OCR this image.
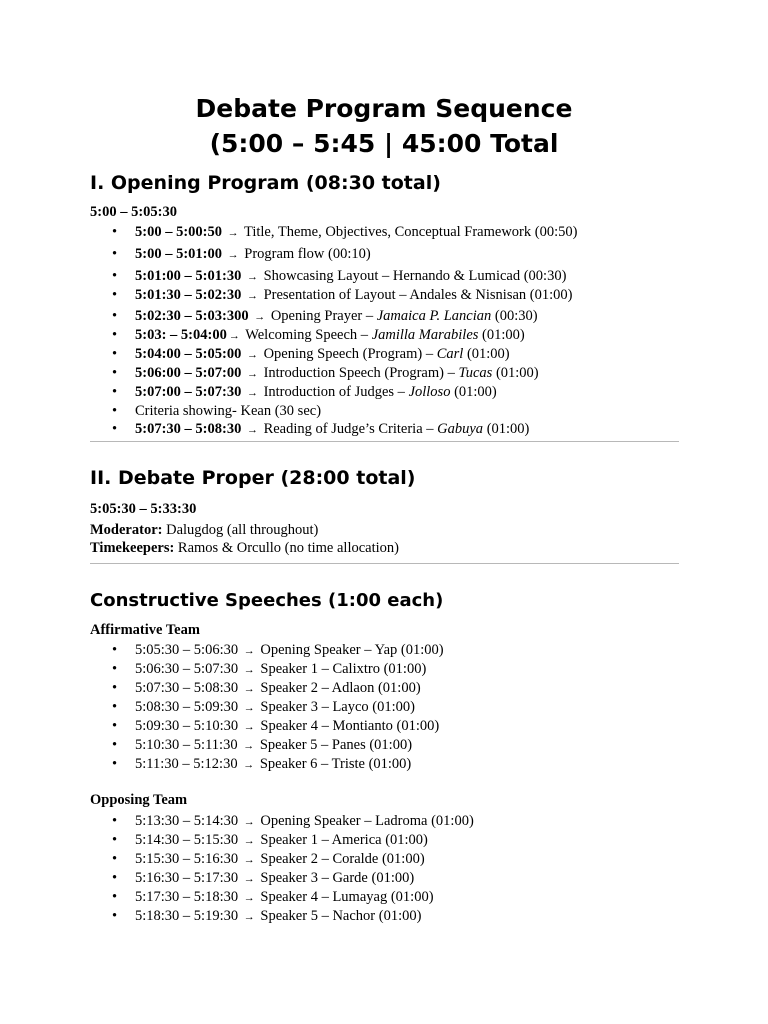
Debate Program Sequence
(5:00 – 5:45 | 45:00 Total
I. Opening Program (08:30 total)
5:00 – 5:05:30
• 5:00 – 5:00:50 → Title, Theme, Objectives, Conceptual Framework (00:50)
• 5:00 – 5:01:00 → Program flow (00:10)
• 5:01:00 – 5:01:30 → Showcasing Layout – Hernando & Lumicad (00:30)
• 5:01:30 – 5:02:30 → Presentation of Layout – Andales & Nisnisan (01:00)
• 5:02:30 – 5:03:300 → Opening Prayer – Jamaica P. Lancian (00:30)
• 5:03: – 5:04:00 → Welcoming Speech – Jamilla Marabiles (01:00)
• 5:04:00 – 5:05:00 → Opening Speech (Program) – Carl (01:00)
• 5:06:00 – 5:07:00 → Introduction Speech (Program) – Tucas (01:00)
• 5:07:00 – 5:07:30 → Introduction of Judges – Jolloso (01:00)
• Criteria showing- Kean (30 sec)
• 5:07:30 – 5:08:30 → Reading of Judge’s Criteria – Gabuya (01:00)
II. Debate Proper (28:00 total)
5:05:30 – 5:33:30
Moderator: Dalugdog (all throughout)
Timekeepers: Ramos & Orcullo (no time allocation)
Constructive Speeches (1:00 each)
Affirmative Team
• 5:05:30 – 5:06:30 → Opening Speaker – Yap (01:00)
• 5:06:30 – 5:07:30 → Speaker 1 – Calixtro (01:00)
• 5:07:30 – 5:08:30 → Speaker 2 – Adlaon (01:00)
• 5:08:30 – 5:09:30 → Speaker 3 – Layco (01:00)
• 5:09:30 – 5:10:30 → Speaker 4 – Montianto (01:00)
• 5:10:30 – 5:11:30 → Speaker 5 – Panes (01:00)
• 5:11:30 – 5:12:30 → Speaker 6 – Triste (01:00)
Opposing Team
• 5:13:30 – 5:14:30 → Opening Speaker – Ladroma (01:00)
• 5:14:30 – 5:15:30 → Speaker 1 – America (01:00)
• 5:15:30 – 5:16:30 → Speaker 2 – Coralde (01:00)
• 5:16:30 – 5:17:30 → Speaker 3 – Garde (01:00)
• 5:17:30 – 5:18:30 → Speaker 4 – Lumayag (01:00)
• 5:18:30 – 5:19:30 → Speaker 5 – Nachor (01:00)
